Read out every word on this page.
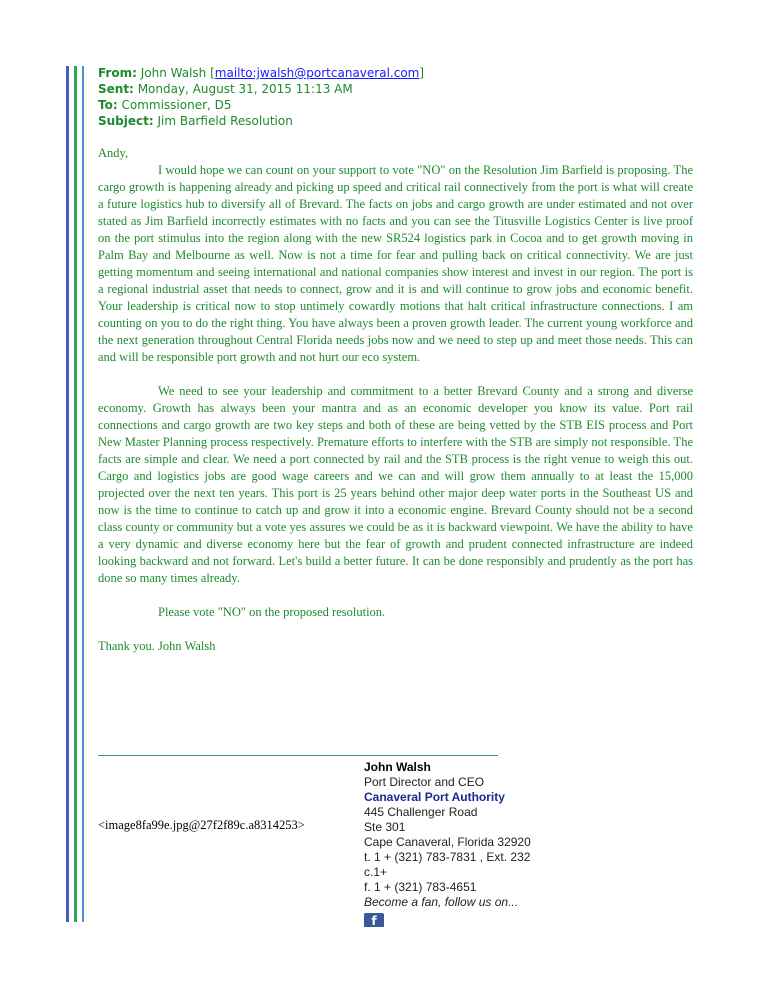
From: John Walsh [mailto:jwalsh@portcanaveral.com]
Sent: Monday, August 31, 2015 11:13 AM
To: Commissioner, D5
Subject: Jim Barfield Resolution

Andy,

I would hope we can count on your support to vote "NO" on the Resolution Jim Barfield is proposing. The cargo growth is happening already and picking up speed and critical rail connectively from the port is what will create a future logistics hub to diversify all of Brevard. The facts on jobs and cargo growth are under estimated and not over stated as Jim Barfield incorrectly estimates with no facts and you can see the Titusville Logistics Center is live proof on the port stimulus into the region along with the new SR524 logistics park in Cocoa and to get growth moving in Palm Bay and Melbourne as well. Now is not a time for fear and pulling back on critical connectivity. We are just getting momentum and seeing international and national companies show interest and invest in our region. The port is a regional industrial asset that needs to connect, grow and it is and will continue to grow jobs and economic benefit. Your leadership is critical now to stop untimely cowardly motions that halt critical infrastructure connections. I am counting on you to do the right thing. You have always been a proven growth leader. The current young workforce and the next generation throughout Central Florida needs jobs now and we need to step up and meet those needs. This can and will be responsible port growth and not hurt our eco system.

We need to see your leadership and commitment to a better Brevard County and a strong and diverse economy. Growth has always been your mantra and as an economic developer you know its value. Port rail connections and cargo growth are two key steps and both of these are being vetted by the STB EIS process and Port New Master Planning process respectively. Premature efforts to interfere with the STB are simply not responsible. The facts are simple and clear. We need a port connected by rail and the STB process is the right venue to weigh this out. Cargo and logistics jobs are good wage careers and we can and will grow them annually to at least the 15,000 projected over the next ten years. This port is 25 years behind other major deep water ports in the Southeast US and now is the time to continue to catch up and grow it into a economic engine. Brevard County should not be a second class county or community but a vote yes assures we could be as it is backward viewpoint. We have the ability to have a very dynamic and diverse economy here but the fear of growth and prudent connected infrastructure are indeed looking backward and not forward. Let's build a better future. It can be done responsibly and prudently as the port has done so many times already.

Please vote "NO" on the proposed resolution.

Thank you. John Walsh

<image8fa99e.jpg@27f2f89c.a8314253>
John Walsh
Port Director and CEO
Canaveral Port Authority
445 Challenger Road
Ste 301
Cape Canaveral, Florida 32920
t. 1 + (321) 783-7831 , Ext. 232
c.1+
f. 1 + (321) 783-4651
Become a fan, follow us on...
f
